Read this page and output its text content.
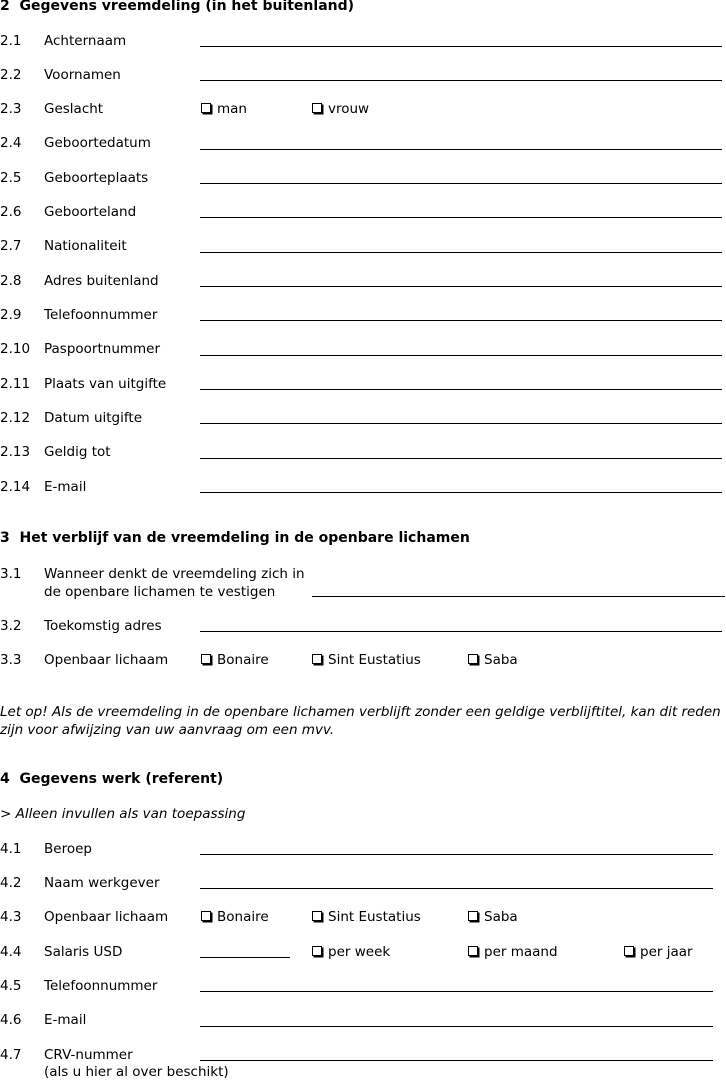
2 Gegevens vreemdeling (in het buitenland)
2.1 Achternaam
2.2 Voornamen
2.3 Geslacht	man	vrouw
2.4 Geboortedatum
2.5 Geboorteplaats
2.6 Geboorteland
2.7 Nationaliteit
2.8 Adres buitenland
2.9 Telefoonnummer
2.10 Paspoortnummer
2.11 Plaats van uitgifte
2.12 Datum uitgifte
2.13 Geldig tot
2.14 E-mail
3 Het verblijf van de vreemdeling in de openbare lichamen
3.1 Wanneer denkt de vreemdeling zich in
de openbare lichamen te vestigen
3.2 Toekomstig adres
3.3 Openbaar lichaam	Bonaire	Sint Eustatius	Saba
Let op! Als de vreemdeling in de openbare lichamen verblijft zonder een geldige verblijftitel, kan dit reden zijn voor afwijzing van uw aanvraag om een mvv.
4 Gegevens werk (referent)
> Alleen invullen als van toepassing
4.1 Beroep
4.2 Naam werkgever
4.3 Openbaar lichaam	Bonaire	Sint Eustatius	Saba
4.4 Salaris USD	per week	per maand	per jaar
4.5 Telefoonnummer
4.6 E-mail
4.7 CRV-nummer
(als u hier al over beschikt)
